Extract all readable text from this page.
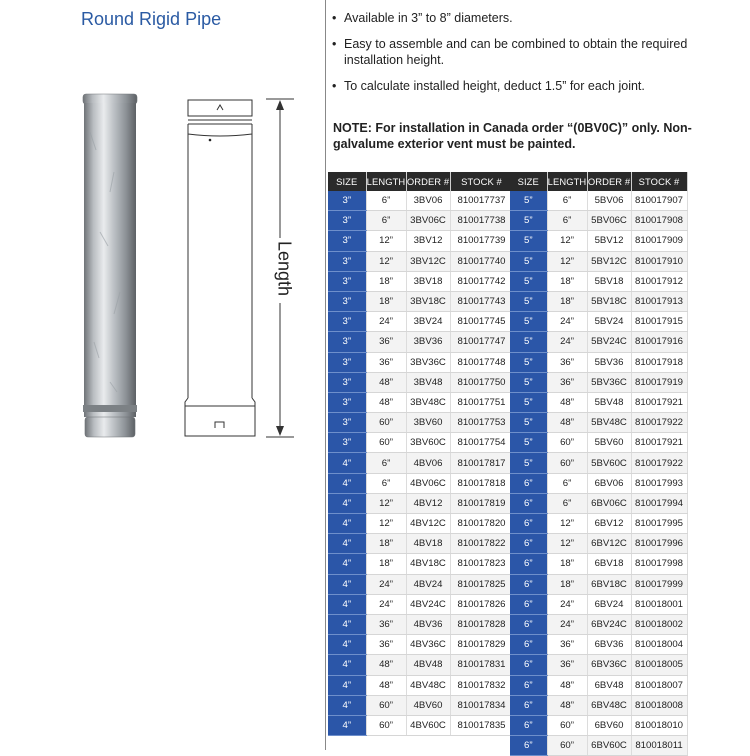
Round Rigid Pipe
Length
• Available in 3” to 8” diameters.
• Easy to assemble and can be combined to obtain the required installation height.
• To calculate installed height, deduct 1.5” for each joint.
NOTE: For installation in Canada order “(0BV0C)” only. Non-galvalume exterior vent must be painted.
SIZE	LENGTH	ORDER #	STOCK #
3”	6”	3BV06	810017737
3”	6”	3BV06C	810017738
3”	12”	3BV12	810017739
3”	12”	3BV12C	810017740
3”	18”	3BV18	810017742
3”	18”	3BV18C	810017743
3”	24”	3BV24	810017745
3”	36”	3BV36	810017747
3”	36”	3BV36C	810017748
3”	48”	3BV48	810017750
3”	48”	3BV48C	810017751
3”	60”	3BV60	810017753
3”	60”	3BV60C	810017754
4”	6”	4BV06	810017817
4”	6”	4BV06C	810017818
4”	12”	4BV12	810017819
4”	12”	4BV12C	810017820
4”	18”	4BV18	810017822
4”	18”	4BV18C	810017823
4”	24”	4BV24	810017825
4”	24”	4BV24C	810017826
4”	36”	4BV36	810017828
4”	36”	4BV36C	810017829
4”	48”	4BV48	810017831
4”	48”	4BV48C	810017832
4”	60”	4BV60	810017834
4”	60”	4BV60C	810017835
SIZE	LENGTH	ORDER #	STOCK #
5”	6”	5BV06	810017907
5”	6”	5BV06C	810017908
5”	12”	5BV12	810017909
5”	12”	5BV12C	810017910
5”	18”	5BV18	810017912
5”	18”	5BV18C	810017913
5”	24”	5BV24	810017915
5”	24”	5BV24C	810017916
5”	36”	5BV36	810017918
5”	36”	5BV36C	810017919
5”	48”	5BV48	810017921
5”	48”	5BV48C	810017922
5”	60”	5BV60	810017921
5”	60”	5BV60C	810017922
6”	6”	6BV06	810017993
6”	6”	6BV06C	810017994
6”	12”	6BV12	810017995
6”	12”	6BV12C	810017996
6”	18”	6BV18	810017998
6”	18”	6BV18C	810017999
6”	24”	6BV24	810018001
6”	24”	6BV24C	810018002
6”	36”	6BV36	810018004
6”	36”	6BV36C	810018005
6”	48”	6BV48	810018007
6”	48”	6BV48C	810018008
6”	60”	6BV60	810018010
6”	60”	6BV60C	810018011
